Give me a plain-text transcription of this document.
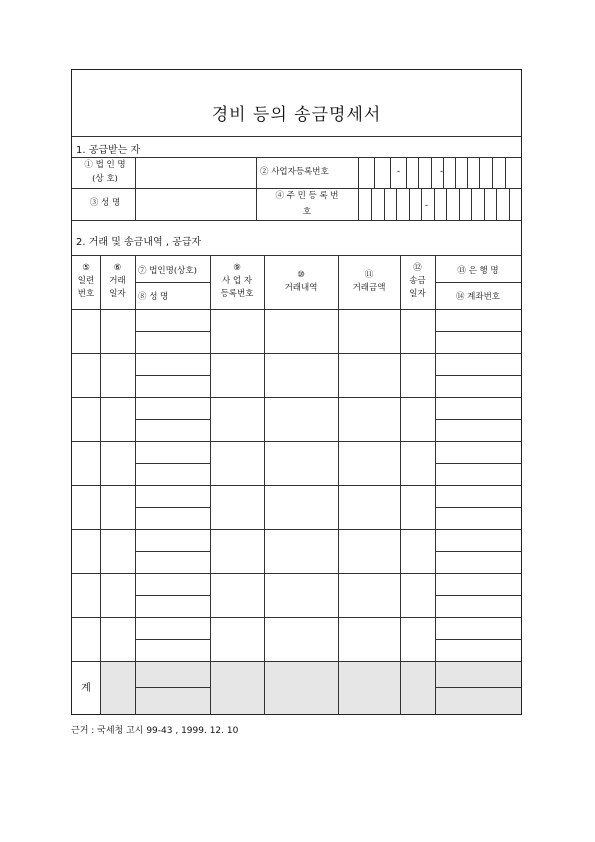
경비 등의 송금명세서
1. 공급받는 자
① 법 인 명
(상 호)
② 사업자등록번호	-	-
③ 성 명
④ 주 민 등 록 번
호
-
2. 거래 및 송금내역 , 공급자
⑤
일련
번호
⑥
거래
일자
⑦ 법인명(상호)
⑧ 성 명
⑨
사 업 자
등록번호
⑩
거래내역
⑪
거래금액
⑫
송금
일자
⑬ 은 행 명
⑭ 계좌번호
계
근거 : 국세청 고시 99-43 , 1999. 12. 10
